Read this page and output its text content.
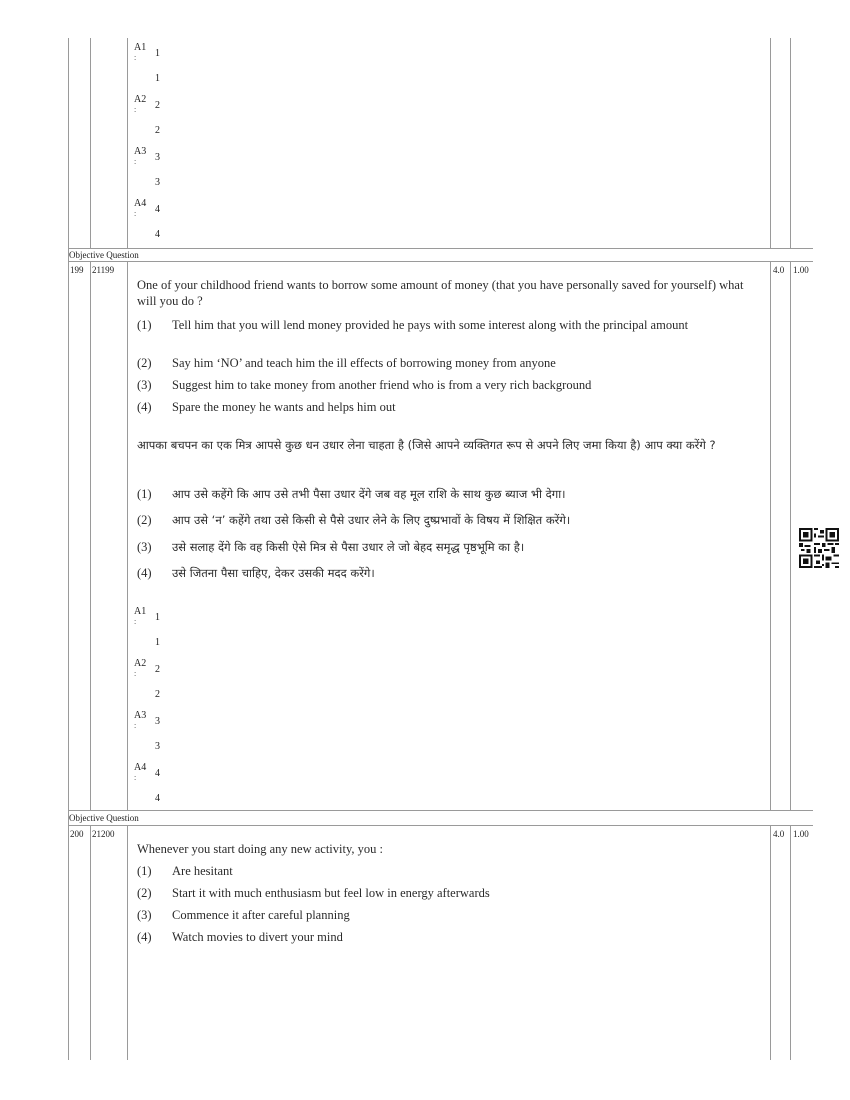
A1
: 1
1
A2
: 2
2
A3
: 3
3
A4
: 4
4
Objective Question
199 21199	4.0 1.00
One of your childhood friend wants to borrow some amount of money (that you have personally saved for yourself) what will you do ?
(1) Tell him that you will lend money provided he pays with some interest along with the principal amount
(2) Say him ‘NO’ and teach him the ill effects of borrowing money from anyone
(3) Suggest him to take money from another friend who is from a very rich background
(4) Spare the money he wants and helps him out
आपका बचपन का एक मित्र आपसे कुछ धन उधार लेना चाहता है (जिसे आपने व्यक्तिगत रूप से अपने लिए जमा किया है) आप क्या करेंगे ?
(1) आप उसे कहेंगे कि आप उसे तभी पैसा उधार देंगे जब वह मूल राशि के साथ कुछ ब्याज भी देगा।
(2) आप उसे ‘न’ कहेंगे तथा उसे किसी से पैसे उधार लेने के लिए दुष्प्रभावों के विषय में शिक्षित करेंगे।
(3) उसे सलाह देंगे कि वह किसी ऐसे मित्र से पैसा उधार ले जो बेहद समृद्ध पृष्ठभूमि का है।
(4) उसे जितना पैसा चाहिए, देकर उसकी मदद करेंगे।
A1
: 1
1
A2
: 2
2
A3
: 3
3
A4
: 4
4
Objective Question
200 21200	4.0 1.00
Whenever you start doing any new activity, you :
(1) Are hesitant
(2) Start it with much enthusiasm but feel low in energy afterwards
(3) Commence it after careful planning
(4) Watch movies to divert your mind
